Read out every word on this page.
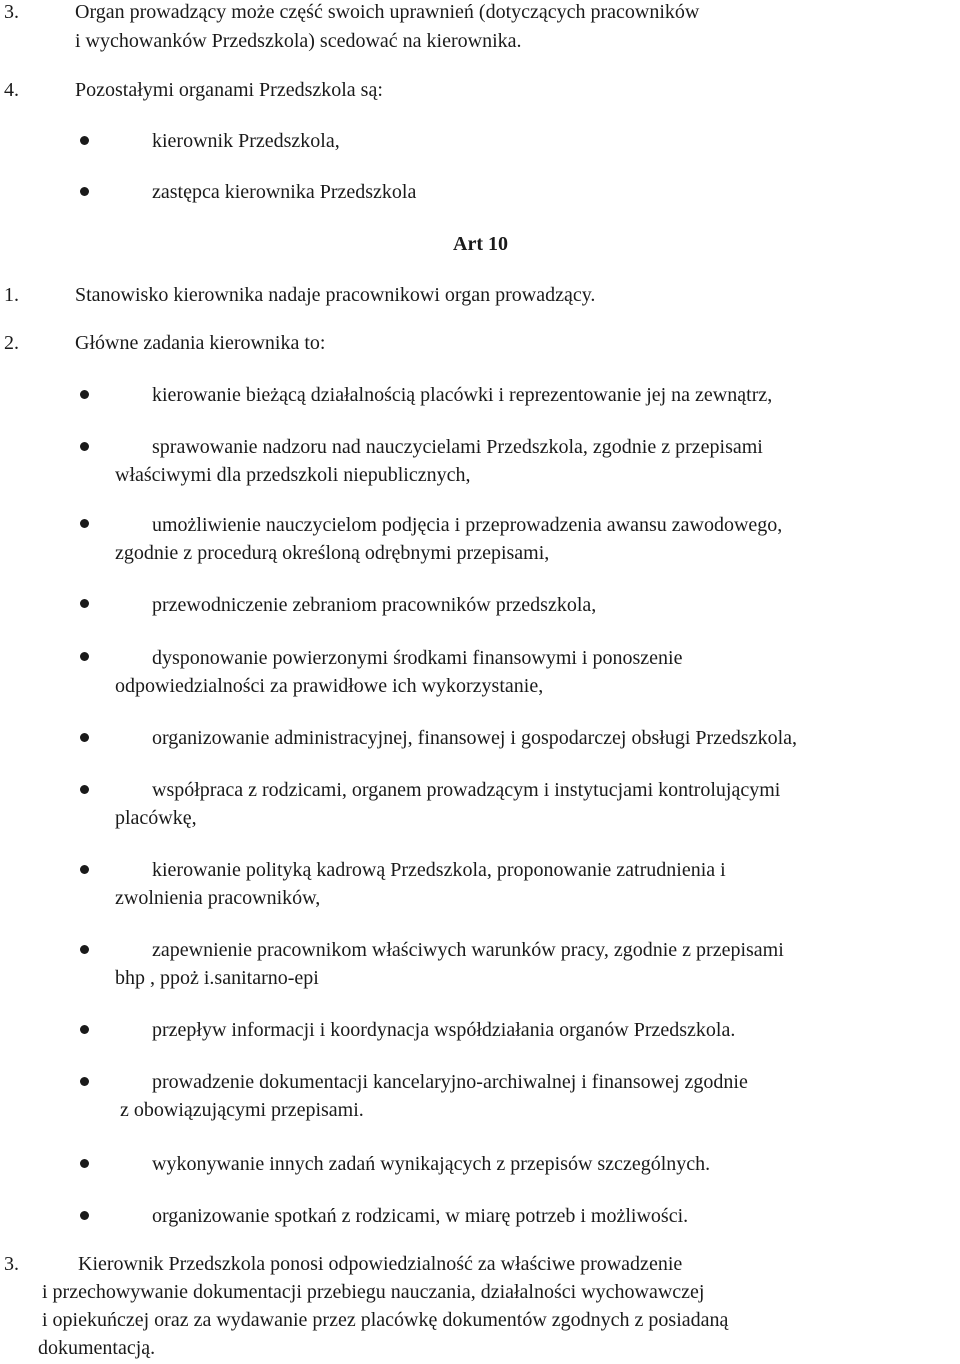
3.	Organ prowadzący może część swoich uprawnień (dotyczących pracowników
i wychowanków Przedszkola) scedować na kierownika.
4.	Pozostałymi organami Przedszkola są:
kierownik Przedszkola,
zastępca kierownika Przedszkola
Art 10
1.	Stanowisko kierownika nadaje pracownikowi organ prowadzący.
2.	Główne zadania kierownika to:
kierowanie bieżącą działalnością placówki i reprezentowanie jej na zewnątrz,
sprawowanie nadzoru nad nauczycielami Przedszkola, zgodnie z przepisami
właściwymi dla przedszkoli niepublicznych,
umożliwienie nauczycielom podjęcia i przeprowadzenia awansu zawodowego,
zgodnie z procedurą określoną odrębnymi przepisami,
przewodniczenie zebraniom pracowników przedszkola,
dysponowanie powierzonymi środkami finansowymi i ponoszenie
odpowiedzialności za prawidłowe ich wykorzystanie,
organizowanie administracyjnej, finansowej i gospodarczej obsługi Przedszkola,
współpraca z rodzicami, organem prowadzącym i instytucjami kontrolującymi
placówkę,
kierowanie polityką kadrową Przedszkola, proponowanie zatrudnienia i
zwolnienia pracowników,
zapewnienie pracownikom właściwych warunków pracy, zgodnie z przepisami
bhp , ppoż i.sanitarno-epi
przepływ informacji i koordynacja współdziałania organów Przedszkola.
prowadzenie dokumentacji kancelaryjno-archiwalnej i finansowej zgodnie
z obowiązującymi przepisami.
wykonywanie innych zadań wynikających z przepisów szczególnych.
organizowanie spotkań z rodzicami, w miarę potrzeb i możliwości.
3.	Kierownik Przedszkola ponosi odpowiedzialność za właściwe prowadzenie
i przechowywanie dokumentacji przebiegu nauczania, działalności wychowawczej
i opiekuńczej oraz za wydawanie przez placówkę dokumentów zgodnych z posiadaną
dokumentacją.
